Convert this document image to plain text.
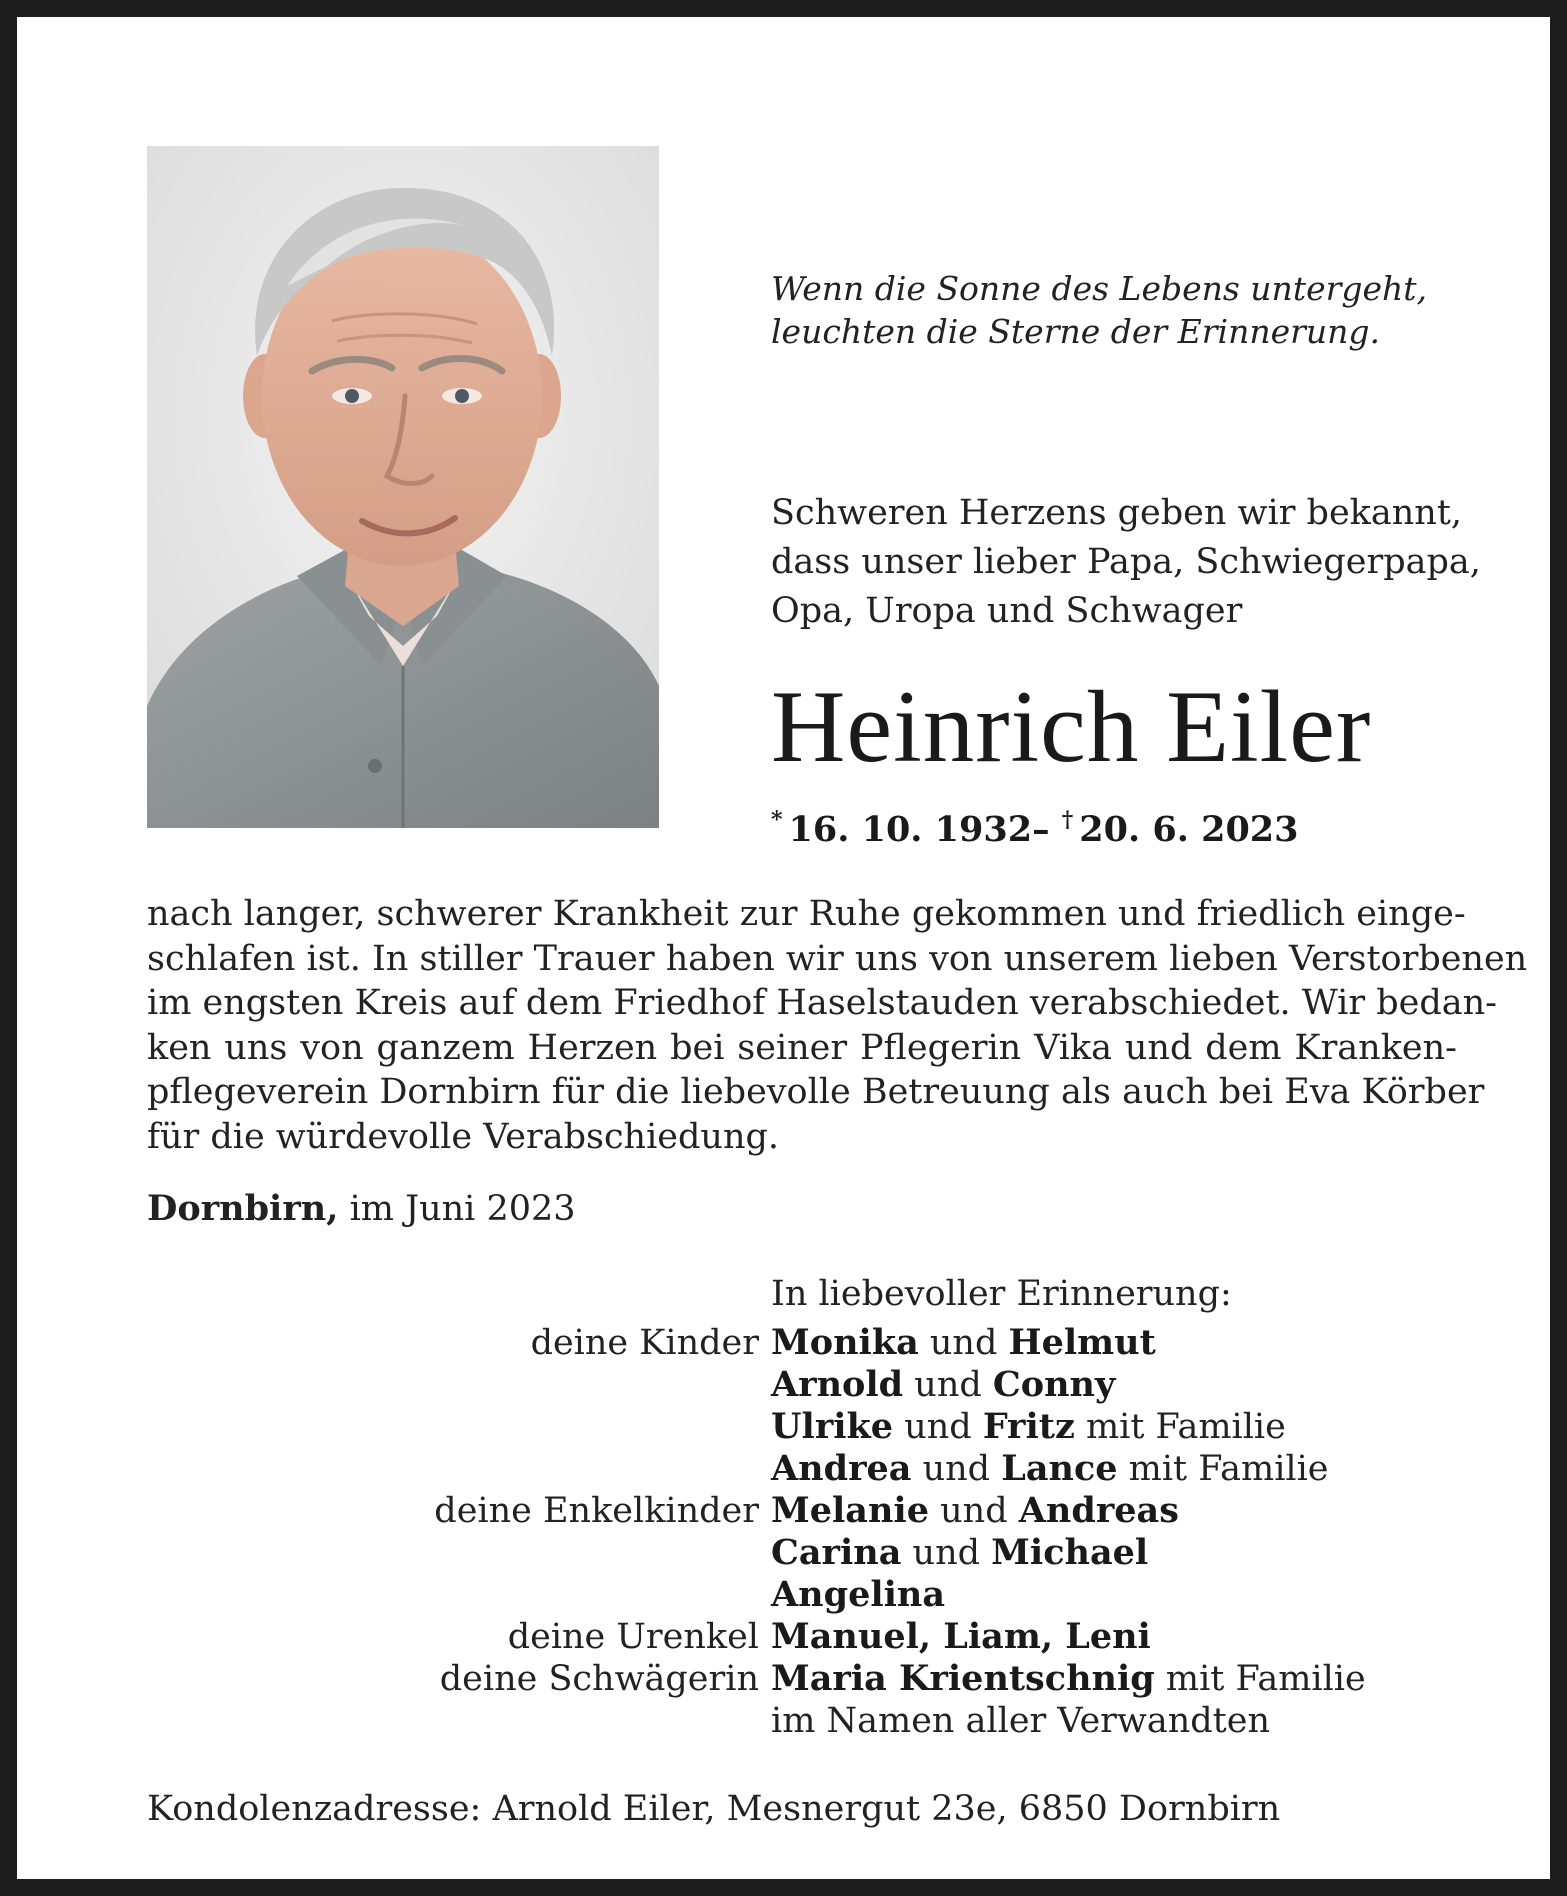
Wenn die Sonne des Lebens untergeht,
leuchten die Sterne der Erinnerung.
Schweren Herzens geben wir bekannt,
dass unser lieber Papa, Schwiegerpapa,
Opa, Uropa und Schwager
Heinrich Eiler
* 16. 10. 1932– † 20. 6. 2023
nach langer, schwerer Krankheit zur Ruhe gekommen und friedlich einge-
schlafen ist. In stiller Trauer haben wir uns von unserem lieben Verstorbenen
im engsten Kreis auf dem Friedhof Haselstauden verabschiedet. Wir bedan-
ken uns von ganzem Herzen bei seiner Pflegerin Vika und dem Kranken-
pflegeverein Dornbirn für die liebevolle Betreuung als auch bei Eva Körber
für die würdevolle Verabschiedung.
Dornbirn, im Juni 2023
In liebevoller Erinnerung:
deine Kinder Monika und Helmut
Arnold und Conny
Ulrike und Fritz mit Familie
Andrea und Lance mit Familie
deine Enkelkinder Melanie und Andreas
Carina und Michael
Angelina
deine Urenkel Manuel, Liam, Leni
deine Schwägerin Maria Krientschnig mit Familie
im Namen aller Verwandten
Kondolenzadresse: Arnold Eiler, Mesnergut 23e, 6850 Dornbirn
